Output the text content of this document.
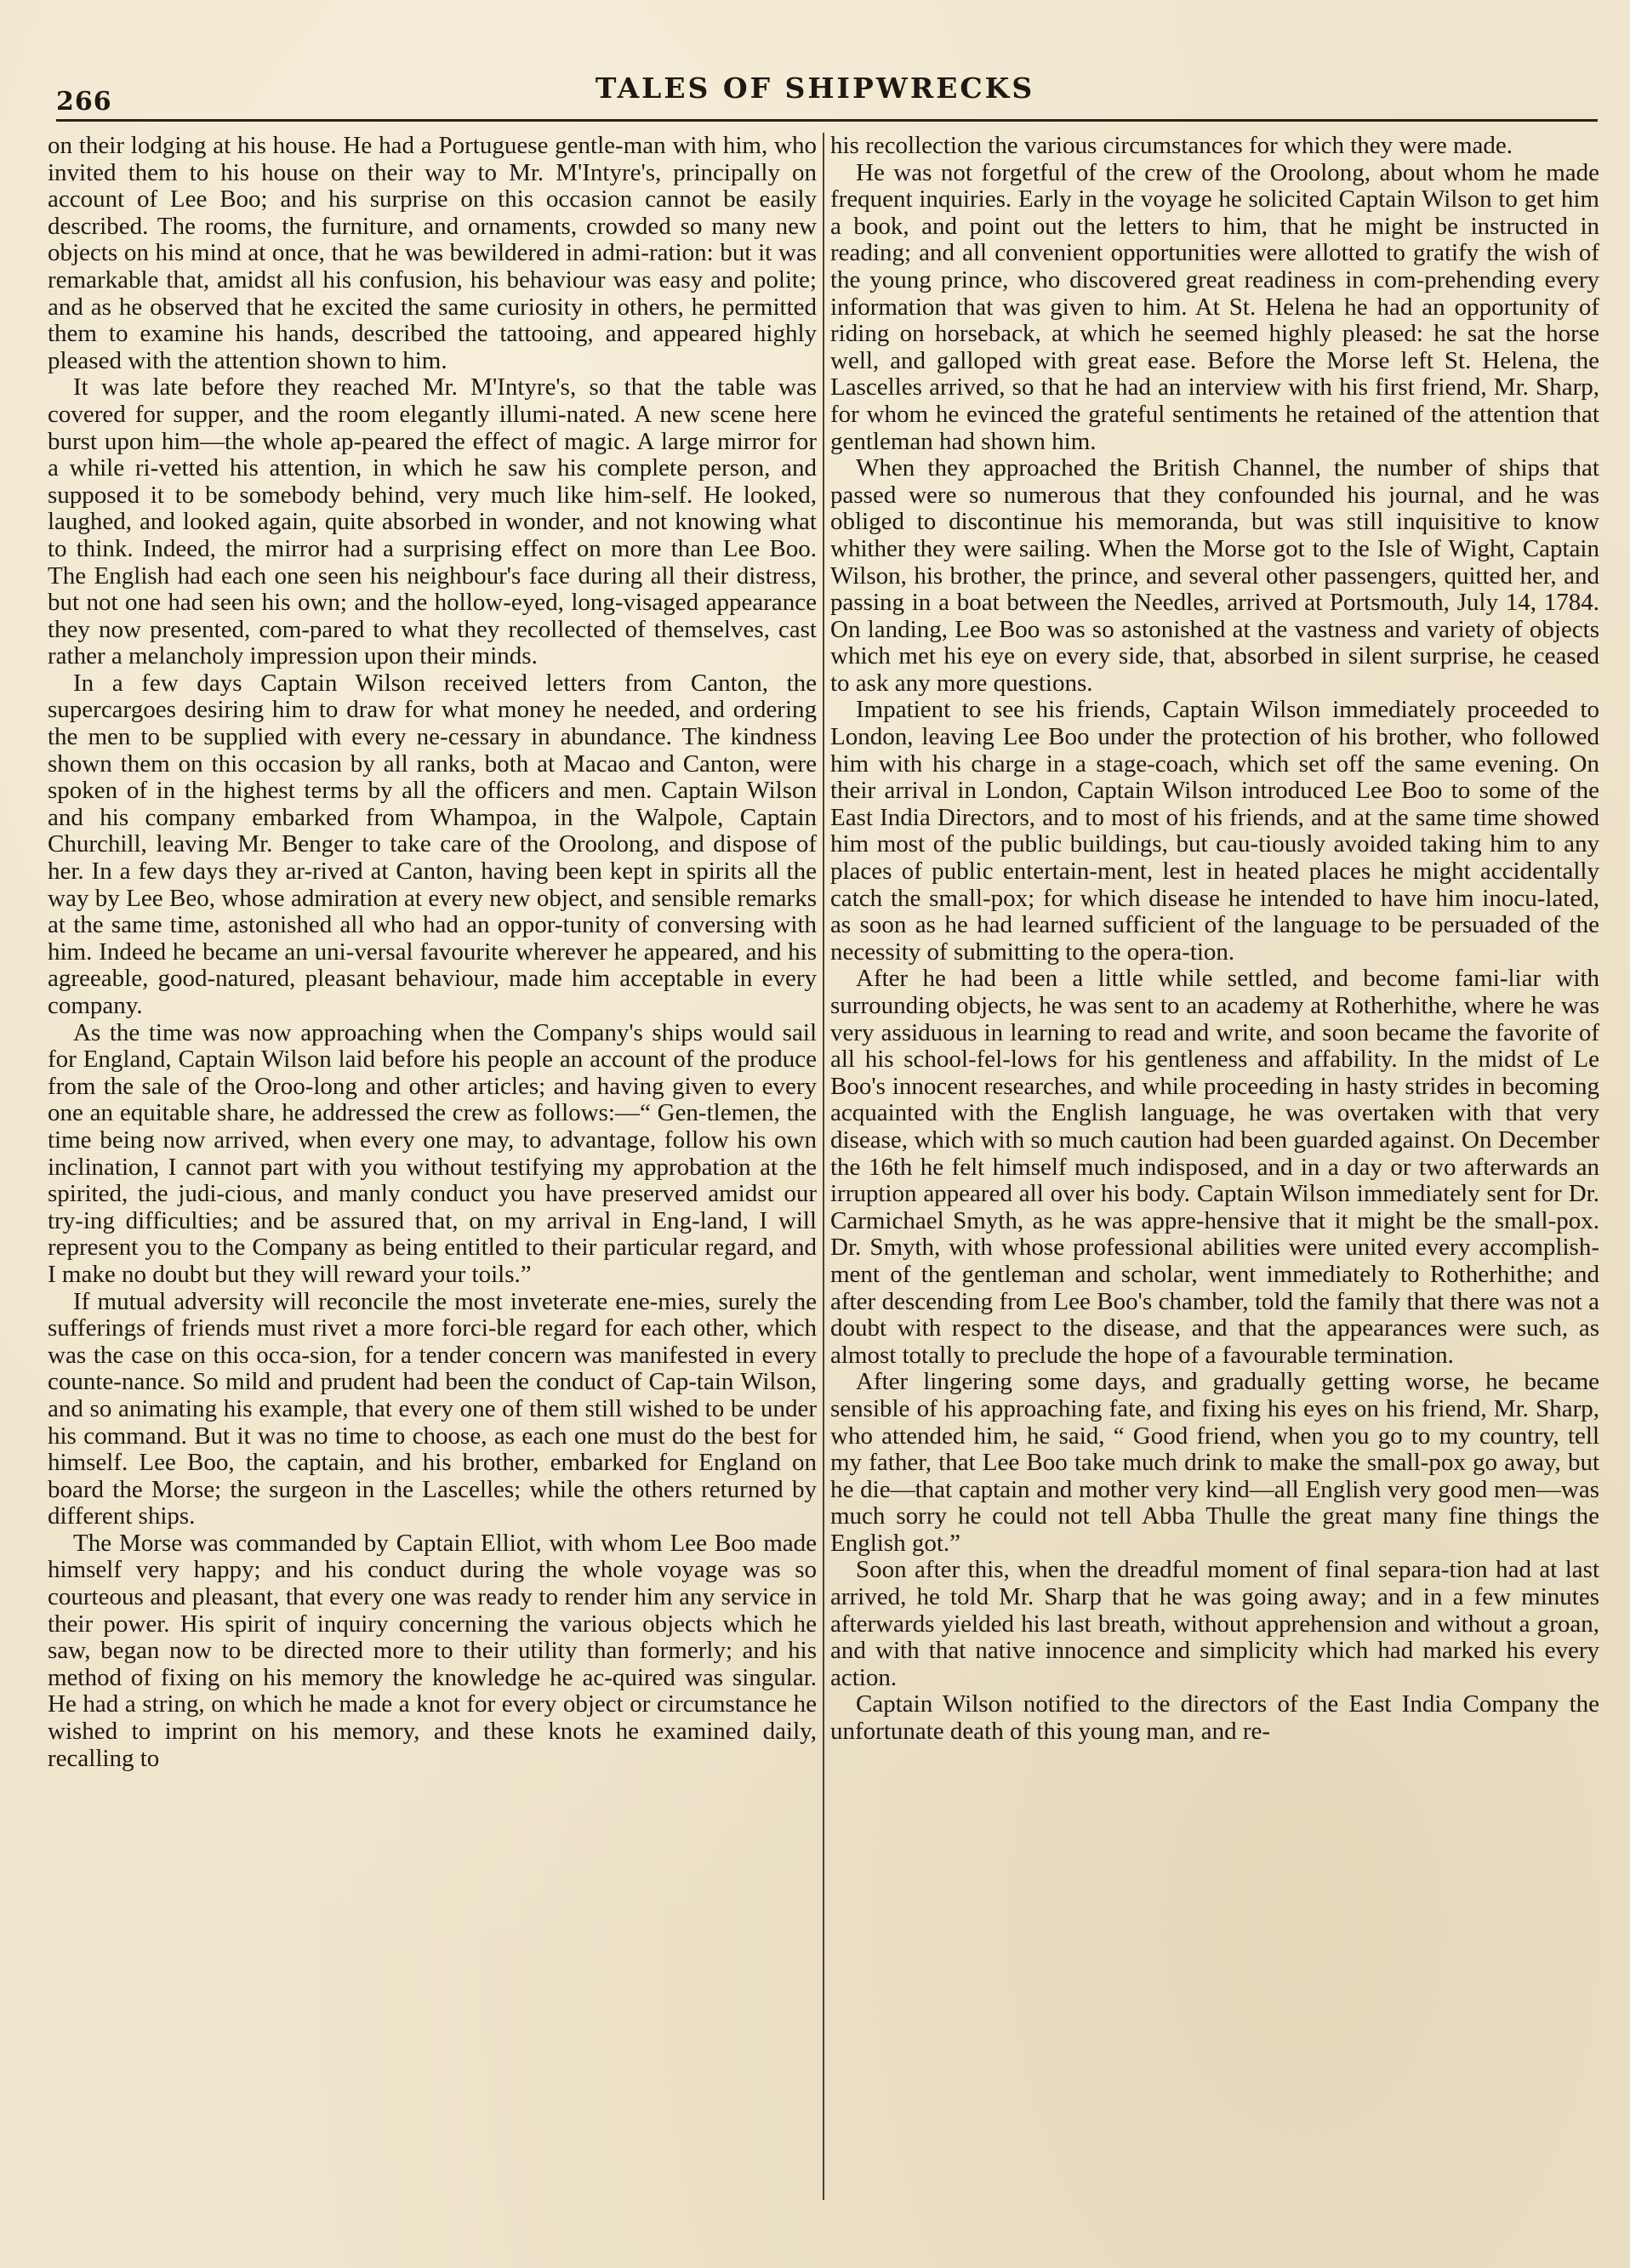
266	TALES OF SHIPWRECKS

on their lodging at his house. He had a Portuguese gentle-man with him, who invited them to his house on their way to Mr. M'Intyre's, principally on account of Lee Boo; and his surprise on this occasion cannot be easily described. The rooms, the furniture, and ornaments, crowded so many new objects on his mind at once, that he was bewildered in admi-ration: but it was remarkable that, amidst all his confusion, his behaviour was easy and polite; and as he observed that he excited the same curiosity in others, he permitted them to examine his hands, described the tattooing, and appeared highly pleased with the attention shown to him.

It was late before they reached Mr. M'Intyre's, so that the table was covered for supper, and the room elegantly illumi-nated. A new scene here burst upon him—the whole ap-peared the effect of magic. A large mirror for a while ri-vetted his attention, in which he saw his complete person, and supposed it to be somebody behind, very much like him-self. He looked, laughed, and looked again, quite absorbed in wonder, and not knowing what to think. Indeed, the mirror had a surprising effect on more than Lee Boo. The English had each one seen his neighbour's face during all their distress, but not one had seen his own; and the hollow-eyed, long-visaged appearance they now presented, com-pared to what they recollected of themselves, cast rather a melancholy impression upon their minds.

In a few days Captain Wilson received letters from Canton, the supercargoes desiring him to draw for what money he needed, and ordering the men to be supplied with every ne-cessary in abundance. The kindness shown them on this occasion by all ranks, both at Macao and Canton, were spoken of in the highest terms by all the officers and men. Captain Wilson and his company embarked from Whampoa, in the Walpole, Captain Churchill, leaving Mr. Benger to take care of the Oroolong, and dispose of her. In a few days they ar-rived at Canton, having been kept in spirits all the way by Lee Beo, whose admiration at every new object, and sensible remarks at the same time, astonished all who had an oppor-tunity of conversing with him. Indeed he became an uni-versal favourite wherever he appeared, and his agreeable, good-natured, pleasant behaviour, made him acceptable in every company.

As the time was now approaching when the Company's ships would sail for England, Captain Wilson laid before his people an account of the produce from the sale of the Oroo-long and other articles; and having given to every one an equitable share, he addressed the crew as follows:—“ Gen-tlemen, the time being now arrived, when every one may, to advantage, follow his own inclination, I cannot part with you without testifying my approbation at the spirited, the judi-cious, and manly conduct you have preserved amidst our try-ing difficulties; and be assured that, on my arrival in Eng-land, I will represent you to the Company as being entitled to their particular regard, and I make no doubt but they will reward your toils.”

If mutual adversity will reconcile the most inveterate ene-mies, surely the sufferings of friends must rivet a more forci-ble regard for each other, which was the case on this occa-sion, for a tender concern was manifested in every counte-nance. So mild and prudent had been the conduct of Cap-tain Wilson, and so animating his example, that every one of them still wished to be under his command. But it was no time to choose, as each one must do the best for himself. Lee Boo, the captain, and his brother, embarked for England on board the Morse; the surgeon in the Lascelles; while the others returned by different ships.

The Morse was commanded by Captain Elliot, with whom Lee Boo made himself very happy; and his conduct during the whole voyage was so courteous and pleasant, that every one was ready to render him any service in their power. His spirit of inquiry concerning the various objects which he saw, began now to be directed more to their utility than formerly; and his method of fixing on his memory the knowledge he ac-quired was singular. He had a string, on which he made a knot for every object or circumstance he wished to imprint on his memory, and these knots he examined daily, recalling to

his recollection the various circumstances for which they were made.

He was not forgetful of the crew of the Oroolong, about whom he made frequent inquiries. Early in the voyage he solicited Captain Wilson to get him a book, and point out the letters to him, that he might be instructed in reading; and all convenient opportunities were allotted to gratify the wish of the young prince, who discovered great readiness in com-prehending every information that was given to him. At St. Helena he had an opportunity of riding on horseback, at which he seemed highly pleased: he sat the horse well, and galloped with great ease. Before the Morse left St. Helena, the Lascelles arrived, so that he had an interview with his first friend, Mr. Sharp, for whom he evinced the grateful sentiments he retained of the attention that gentleman had shown him.

When they approached the British Channel, the number of ships that passed were so numerous that they confounded his journal, and he was obliged to discontinue his memoranda, but was still inquisitive to know whither they were sailing. When the Morse got to the Isle of Wight, Captain Wilson, his brother, the prince, and several other passengers, quitted her, and passing in a boat between the Needles, arrived at Portsmouth, July 14, 1784. On landing, Lee Boo was so astonished at the vastness and variety of objects which met his eye on every side, that, absorbed in silent surprise, he ceased to ask any more questions.

Impatient to see his friends, Captain Wilson immediately proceeded to London, leaving Lee Boo under the protection of his brother, who followed him with his charge in a stage-coach, which set off the same evening. On their arrival in London, Captain Wilson introduced Lee Boo to some of the East India Directors, and to most of his friends, and at the same time showed him most of the public buildings, but cau-tiously avoided taking him to any places of public entertain-ment, lest in heated places he might accidentally catch the small-pox; for which disease he intended to have him inocu-lated, as soon as he had learned sufficient of the language to be persuaded of the necessity of submitting to the opera-tion.

After he had been a little while settled, and become fami-liar with surrounding objects, he was sent to an academy at Rotherhithe, where he was very assiduous in learning to read and write, and soon became the favorite of all his school-fel-lows for his gentleness and affability. In the midst of Le Boo's innocent researches, and while proceeding in hasty strides in becoming acquainted with the English language, he was overtaken with that very disease, which with so much caution had been guarded against. On December the 16th he felt himself much indisposed, and in a day or two afterwards an irruption appeared all over his body. Captain Wilson immediately sent for Dr. Carmichael Smyth, as he was appre-hensive that it might be the small-pox. Dr. Smyth, with whose professional abilities were united every accomplish-ment of the gentleman and scholar, went immediately to Rotherhithe; and after descending from Lee Boo's chamber, told the family that there was not a doubt with respect to the disease, and that the appearances were such, as almost totally to preclude the hope of a favourable termination.

After lingering some days, and gradually getting worse, he became sensible of his approaching fate, and fixing his eyes on his friend, Mr. Sharp, who attended him, he said, “ Good friend, when you go to my country, tell my father, that Lee Boo take much drink to make the small-pox go away, but he die—that captain and mother very kind—all English very good men—was much sorry he could not tell Abba Thulle the great many fine things the English got.”

Soon after this, when the dreadful moment of final separa-tion had at last arrived, he told Mr. Sharp that he was going away; and in a few minutes afterwards yielded his last breath, without apprehension and without a groan, and with that native innocence and simplicity which had marked his every action.

Captain Wilson notified to the directors of the East India Company the unfortunate death of this young man, and re-
